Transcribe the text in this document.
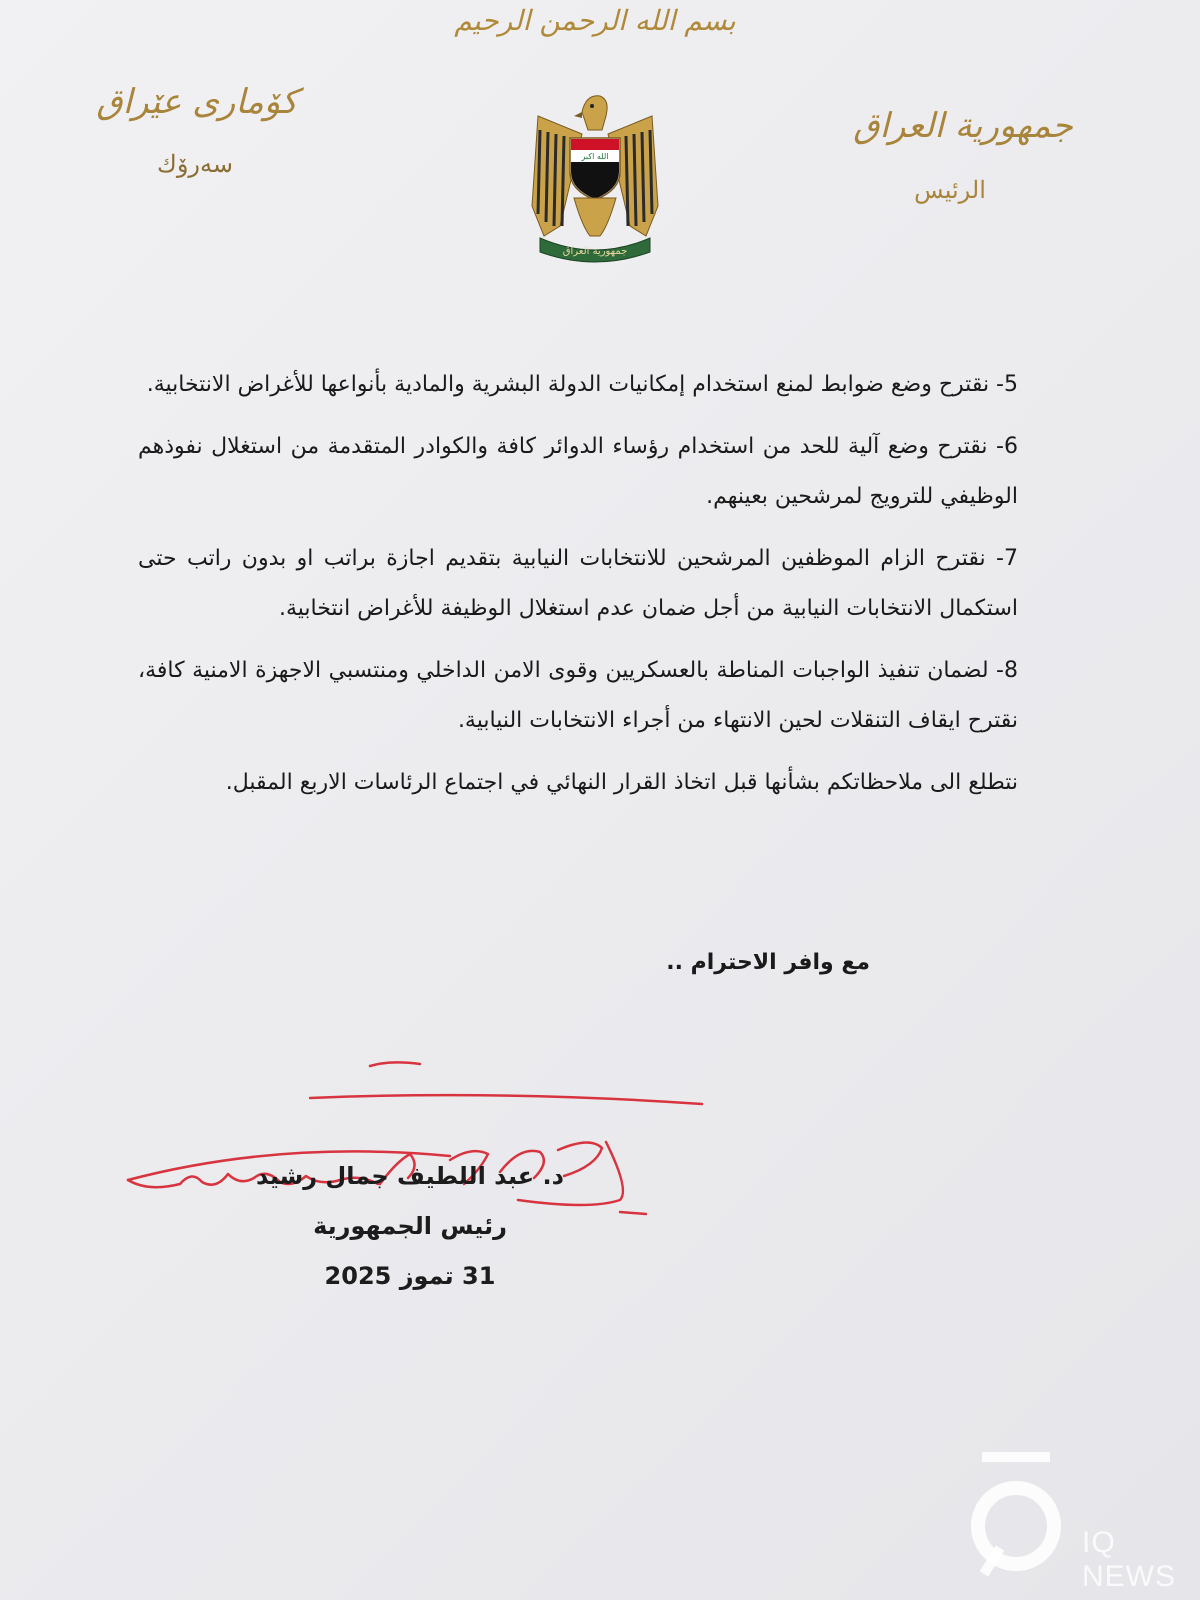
بسم الله الرحمن الرحيم
كۆماری عێراق
سەرۆك	الله اكبر
جمهورية العراق
جمهورية العراق
الرئيس

5- نقترح وضع ضوابط لمنع استخدام إمكانيات الدولة البشرية والمادية بأنواعها للأغراض الانتخابية.

6- نقترح وضع آلية للحد من استخدام رؤساء الدوائر كافة والكوادر المتقدمة من استغلال نفوذهم الوظيفي للترويج لمرشحين بعينهم.

7- نقترح الزام الموظفين المرشحين للانتخابات النيابية بتقديم اجازة براتب او بدون راتب حتى استكمال الانتخابات النيابية من أجل ضمان عدم استغلال الوظيفة للأغراض انتخابية.

8- لضمان تنفيذ الواجبات المناطة بالعسكريين وقوى الامن الداخلي ومنتسبي الاجهزة الامنية كافة، نقترح ايقاف التنقلات لحين الانتهاء من أجراء الانتخابات النيابية.

نتطلع الى ملاحظاتكم بشأنها قبل اتخاذ القرار النهائي في اجتماع الرئاسات الاربع المقبل.

مع وافر الاحترام ..
د. عبد اللطيف جمال رشيد
رئيس الجمهورية
31 تموز 2025
IQ NEWS
